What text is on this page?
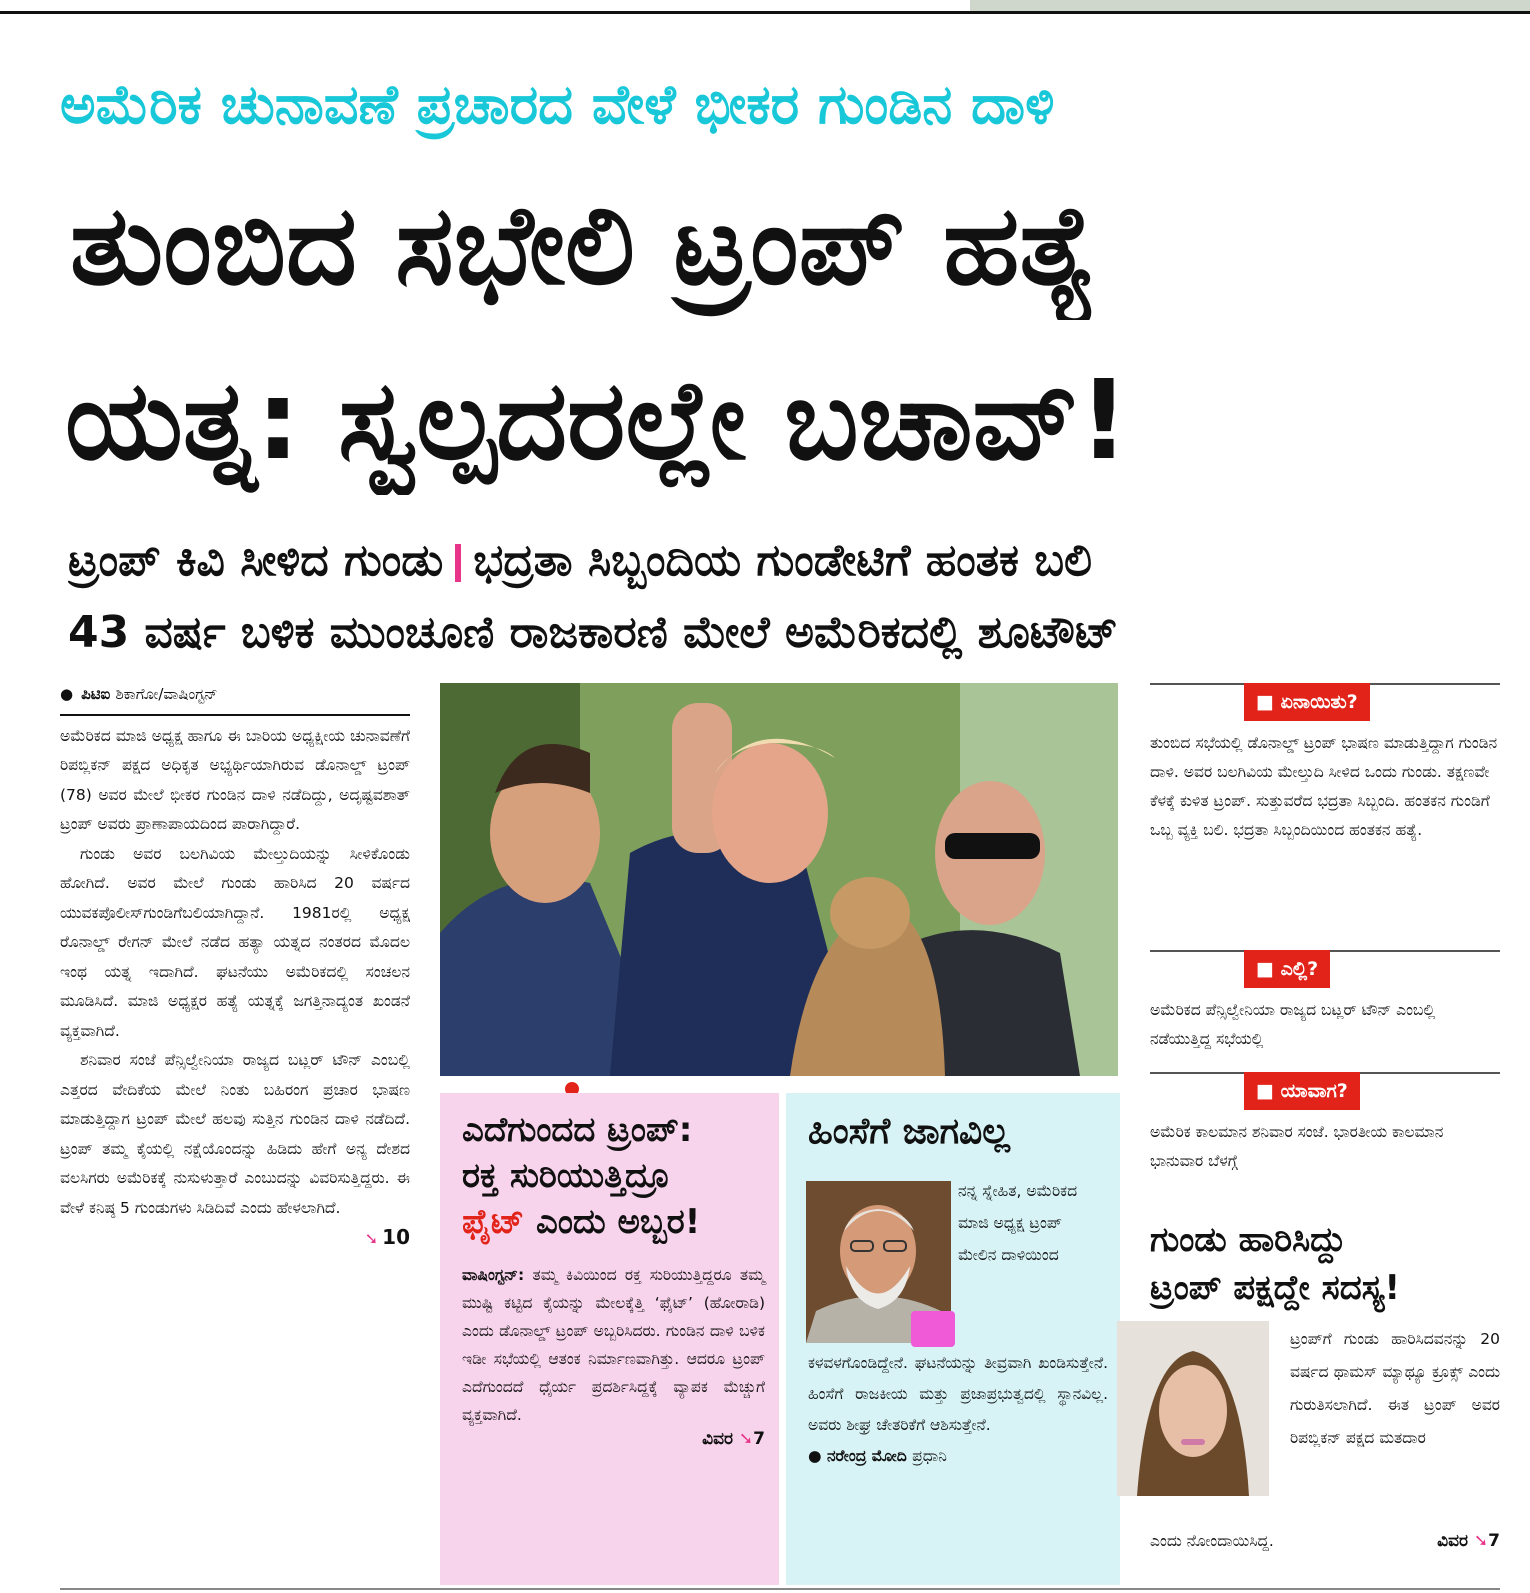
ಅಮೆರಿಕ ಚುನಾವಣೆ ಪ್ರಚಾರದ ವೇಳೆ ಭೀಕರ ಗುಂಡಿನ ದಾಳಿ
ತುಂಬಿದ ಸಭೇಲಿ ಟ್ರಂಪ್ ಹತ್ಯೆ
ಯತ್ನ: ಸ್ವಲ್ಪದರಲ್ಲೇ ಬಚಾವ್!
ಟ್ರಂಪ್ ಕಿವಿ ಸೀಳಿದ ಗುಂಡು ಭದ್ರತಾ ಸಿಬ್ಬಂದಿಯ ಗುಂಡೇಟಿಗೆ ಹಂತಕ ಬಲಿ
43 ವರ್ಷ ಬಳಿಕ ಮುಂಚೂಣಿ ರಾಜಕಾರಣಿ ಮೇಲೆ ಅಮೆರಿಕದಲ್ಲಿ ಶೂಟೌಟ್
● ಪಿಟಿಐ ಶಿಕಾಗೋ/ವಾಷಿಂಗ್ಟನ್

ಅಮೆರಿಕದ ಮಾಜಿ ಅಧ್ಯಕ್ಷ ಹಾಗೂ ಈ ಬಾರಿಯ ಅಧ್ಯಕ್ಷೀಯ ಚುನಾವಣೆಗೆ ರಿಪಬ್ಲಿಕನ್ ಪಕ್ಷದ ಅಧಿಕೃತ ಅಭ್ಯರ್ಥಿಯಾಗಿರುವ ಡೊನಾಲ್ಡ್ ಟ್ರಂಪ್ (78) ಅವರ ಮೇಲೆ ಭೀಕರ ಗುಂಡಿನ ದಾಳಿ ನಡೆದಿದ್ದು, ಅದೃಷ್ಟವಶಾತ್ ಟ್ರಂಪ್ ಅವರು ಪ್ರಾಣಾಪಾಯದಿಂದ ಪಾರಾಗಿದ್ದಾರೆ.

ಗುಂಡು ಅವರ ಬಲಗಿವಿಯ ಮೇಲ್ತುದಿಯನ್ನು ಸೀಳಿಕೊಂಡು ಹೋಗಿದೆ. ಅವರ ಮೇಲೆ ಗುಂಡು ಹಾರಿಸಿದ 20 ವರ್ಷದ ಯುವಕಪೊಲೀಸ್‌ಗುಂಡಿಗೆಬಲಿಯಾಗಿದ್ದಾನೆ. 1981ರಲ್ಲಿ ಅಧ್ಯಕ್ಷ ರೊನಾಲ್ಡ್ ರೇಗನ್ ಮೇಲೆ ನಡೆದ ಹತ್ಯಾ ಯತ್ನದ ನಂತರದ ಮೊದಲ ಇಂಥ ಯತ್ನ ಇದಾಗಿದೆ. ಘಟನೆಯು ಅಮೆರಿಕದಲ್ಲಿ ಸಂಚಲನ ಮೂಡಿಸಿದೆ. ಮಾಜಿ ಅಧ್ಯಕ್ಷರ ಹತ್ಯೆ ಯತ್ನಕ್ಕೆ ಜಗತ್ತಿನಾದ್ಯಂತ ಖಂಡನೆ ವ್ಯಕ್ತವಾಗಿದೆ.

ಶನಿವಾರ ಸಂಜೆ ಪೆನ್ಸಿಲ್ವೇನಿಯಾ ರಾಜ್ಯದ ಬಟ್ಲರ್ ಟೌನ್ ಎಂಬಲ್ಲಿ ಎತ್ತರದ ವೇದಿಕೆಯ ಮೇಲೆ ನಿಂತು ಬಹಿರಂಗ ಪ್ರಚಾರ ಭಾಷಣ ಮಾಡುತ್ತಿದ್ದಾಗ ಟ್ರಂಪ್ ಮೇಲೆ ಹಲವು ಸುತ್ತಿನ ಗುಂಡಿನ ದಾಳಿ ನಡೆದಿದೆ. ಟ್ರಂಪ್ ತಮ್ಮ ಕೈಯಲ್ಲಿ ನಕ್ಷೆಯೊಂದನ್ನು ಹಿಡಿದು ಹೇಗೆ ಅನ್ಯ ದೇಶದ ವಲಸಿಗರು ಅಮೆರಿಕಕ್ಕೆ ನುಸುಳುತ್ತಾರೆ ಎಂಬುದನ್ನು ವಿವರಿಸುತ್ತಿದ್ದರು. ಈ ವೇಳೆ ಕನಿಷ್ಠ 5 ಗುಂಡುಗಳು ಸಿಡಿದಿವೆ ಎಂದು ಹೇಳಲಾಗಿದೆ.

➘ 10
ಎದೆಗುಂದದ ಟ್ರಂಪ್:
ರಕ್ತ ಸುರಿಯುತ್ತಿದ್ರೂ
ಫೈಟ್ ಎಂದು ಅಬ್ಬರ!
ವಾಷಿಂಗ್ಟನ್: ತಮ್ಮ ಕಿವಿಯಿಂದ ರಕ್ತ ಸುರಿಯುತ್ತಿದ್ದರೂ ತಮ್ಮ ಮುಷ್ಟಿ ಕಟ್ಟಿದ ಕೈಯನ್ನು ಮೇಲಕ್ಕೆತ್ತಿ ‘ಫೈಟ್’ (ಹೋರಾಡಿ) ಎಂದು ಡೊನಾಲ್ಡ್ ಟ್ರಂಪ್ ಅಬ್ಬರಿಸಿದರು. ಗುಂಡಿನ ದಾಳಿ ಬಳಿಕ ಇಡೀ ಸಭೆಯಲ್ಲಿ ಆತಂಕ ನಿರ್ಮಾಣವಾಗಿತ್ತು. ಆದರೂ ಟ್ರಂಪ್ ಎದೆಗುಂದದೆ ಧೈರ್ಯ ಪ್ರದರ್ಶಿಸಿದ್ದಕ್ಕೆ ವ್ಯಾಪಕ ಮೆಚ್ಚುಗೆ ವ್ಯಕ್ತವಾಗಿದೆ.
ವಿವರ ➘7
ಹಿಂಸೆಗೆ ಜಾಗವಿಲ್ಲ
ನನ್ನ ಸ್ನೇಹಿತ, ಅಮೆರಿಕದ ಮಾಜಿ ಅಧ್ಯಕ್ಷ ಟ್ರಂಪ್ ಮೇಲಿನ ದಾಳಿಯಿಂದ
ಕಳವಳಗೊಂಡಿದ್ದೇನೆ. ಘಟನೆಯನ್ನು ತೀವ್ರವಾಗಿ ಖಂಡಿಸುತ್ತೇನೆ. ಹಿಂಸೆಗೆ ರಾಜಕೀಯ ಮತ್ತು ಪ್ರಜಾಪ್ರಭುತ್ವದಲ್ಲಿ ಸ್ಥಾನವಿಲ್ಲ. ಅವರು ಶೀಘ್ರ ಚೇತರಿಕೆಗೆ ಆಶಿಸುತ್ತೇನೆ.
● ನರೇಂದ್ರ ಮೋದಿ ಪ್ರಧಾನಿ
■ ಏನಾಯಿತು?
ತುಂಬಿದ ಸಭೆಯಲ್ಲಿ ಡೊನಾಲ್ಡ್ ಟ್ರಂಪ್ ಭಾಷಣ ಮಾಡುತ್ತಿದ್ದಾಗ ಗುಂಡಿನ ದಾಳಿ. ಅವರ ಬಲಗಿವಿಯ ಮೇಲ್ತುದಿ ಸೀಳಿದ ಒಂದು ಗುಂಡು. ತಕ್ಷಣವೇ ಕೆಳಕ್ಕೆ ಕುಳಿತ ಟ್ರಂಪ್. ಸುತ್ತುವರೆದ ಭದ್ರತಾ ಸಿಬ್ಬಂದಿ. ಹಂತಕನ ಗುಂಡಿಗೆ ಒಬ್ಬ ವ್ಯಕ್ತಿ ಬಲಿ. ಭದ್ರತಾ ಸಿಬ್ಬಂದಿಯಿಂದ ಹಂತಕನ ಹತ್ಯೆ.
■ ಎಲ್ಲಿ?
ಅಮೆರಿಕದ ಪೆನ್ಸಿಲ್ವೇನಿಯಾ ರಾಜ್ಯದ ಬಟ್ಲರ್ ಟೌನ್ ಎಂಬಲ್ಲಿ ನಡೆಯುತ್ತಿದ್ದ ಸಭೆಯಲ್ಲಿ
■ ಯಾವಾಗ?
ಅಮೆರಿಕ ಕಾಲಮಾನ ಶನಿವಾರ ಸಂಜೆ. ಭಾರತೀಯ ಕಾಲಮಾನ ಭಾನುವಾರ ಬೆಳಗ್ಗೆ
ಗುಂಡು ಹಾರಿಸಿದ್ದು
ಟ್ರಂಪ್ ಪಕ್ಷದ್ದೇ ಸದಸ್ಯ!
ಟ್ರಂಪ್‌ಗೆ ಗುಂಡು ಹಾರಿಸಿದವನನ್ನು 20 ವರ್ಷದ ಥಾಮಸ್ ಮ್ಯಾಥ್ಯೂ ಕ್ರೂಕ್ಸ್ ಎಂದು ಗುರುತಿಸಲಾಗಿದೆ. ಈತ ಟ್ರಂಪ್ ಅವರ ರಿಪಬ್ಲಿಕನ್ ಪಕ್ಷದ ಮತದಾರ
ಎಂದು ನೋಂದಾಯಿಸಿದ್ದ.	ವಿವರ ➘7
